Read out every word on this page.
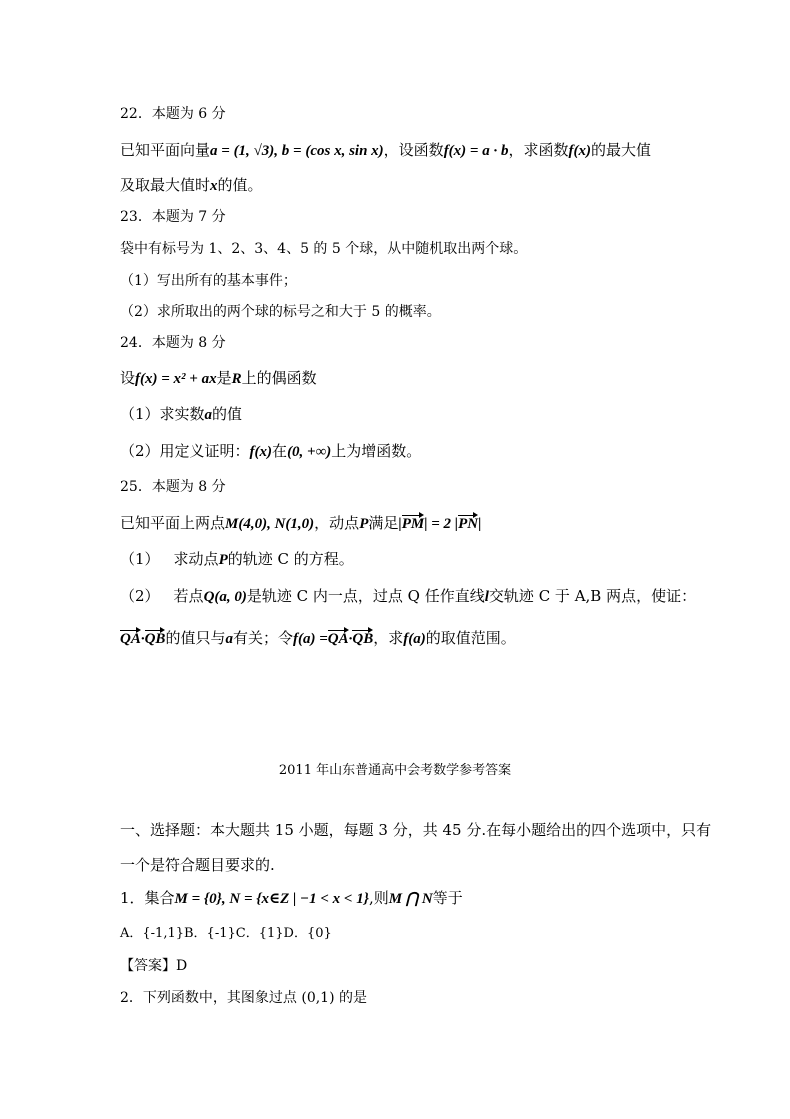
22．本题为 6 分
已知平面向量a = (1, √3), b = (cos x, sin x)，设函数f(x) = a · b，求函数f(x)的最大值
及取最大值时x的值。
23．本题为 7 分
袋中有标号为 1、2、3、4、5 的 5 个球，从中随机取出两个球。
（1）写出所有的基本事件；
（2）求所取出的两个球的标号之和大于 5 的概率。
24．本题为 8 分
设f(x) = x² + ax是R上的偶函数
（1）求实数a的值
（2）用定义证明：f(x)在(0, +∞)上为增函数。
25．本题为 8 分
已知平面上两点M(4,0), N(1,0)，动点P满足|PM| = 2 |PN|
（1） 求动点P的轨迹 C 的方程。
（2） 若点Q(a, 0)是轨迹 C 内一点，过点 Q 任作直线l交轨迹 C 于 A,B 两点，使证：
QA·QB的值只与a有关；令f(a) =QA·QB，求f(a)的取值范围。
2011 年山东普通高中会考数学参考答案
一、选择题：本大题共 15 小题，每题 3 分，共 45 分.在每小题给出的四个选项中，只有
一个是符合题目要求的.
1．集合M = {0}, N = {x∈Z | −1 < x < 1},则M ⋂ N等于
A．{-1,1}B．{-1}C．{1}D．{0}
【答案】D
2．下列函数中，其图象过点 (0,1) 的是
